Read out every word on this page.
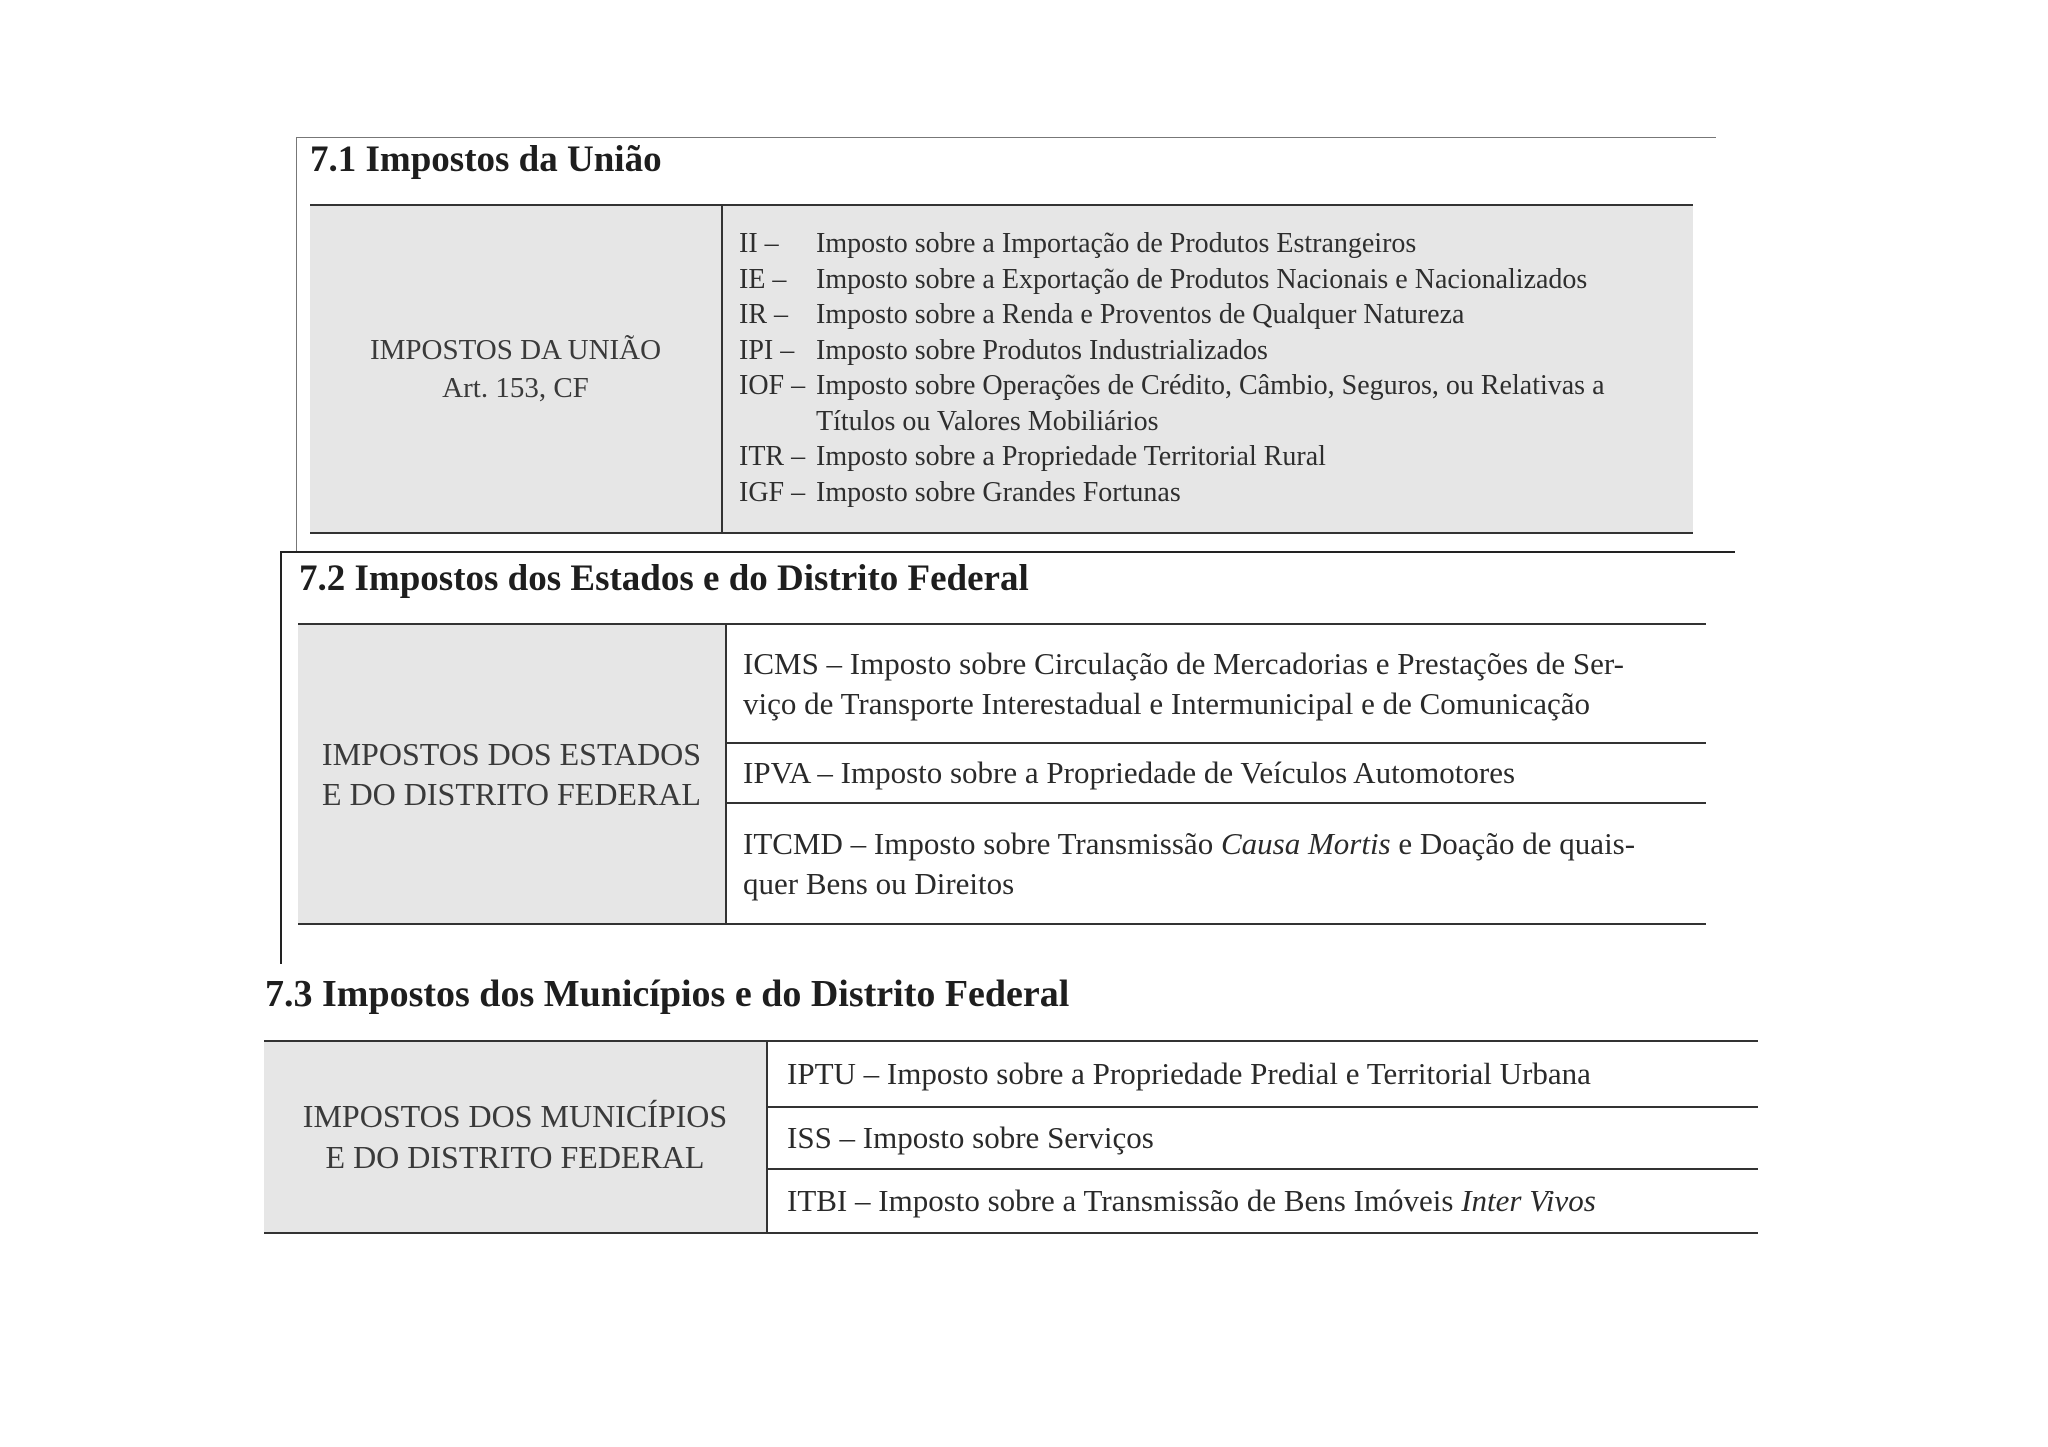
7.1 Impostos da União
IMPOSTOS DA UNIÃO
Art. 153, CF
II –	Imposto sobre a Importação de Produtos Estrangeiros
IE –	Imposto sobre a Exportação de Produtos Nacionais e Nacionalizados
IR –	Imposto sobre a Renda e Proventos de Qualquer Natureza
IPI – Imposto sobre Produtos Industrializados
IOF – Imposto sobre Operações de Crédito, Câmbio, Seguros, ou Relativas a
Títulos ou Valores Mobiliários
ITR – Imposto sobre a Propriedade Territorial Rural
IGF – Imposto sobre Grandes Fortunas
7.2 Impostos dos Estados e do Distrito Federal
IMPOSTOS DOS ESTADOS
E DO DISTRITO FEDERAL
ICMS – Imposto sobre Circulação de Mercadorias e Prestações de Ser-
viço de Transporte Interestadual e Intermunicipal e de Comunicação
IPVA – Imposto sobre a Propriedade de Veículos Automotores
ITCMD – Imposto sobre Transmissão Causa Mortis e Doação de quais-
quer Bens ou Direitos
7.3 Impostos dos Municípios e do Distrito Federal
IMPOSTOS DOS MUNICÍPIOS
E DO DISTRITO FEDERAL
IPTU – Imposto sobre a Propriedade Predial e Territorial Urbana
ISS – Imposto sobre Serviços
ITBI – Imposto sobre a Transmissão de Bens Imóveis Inter Vivos
